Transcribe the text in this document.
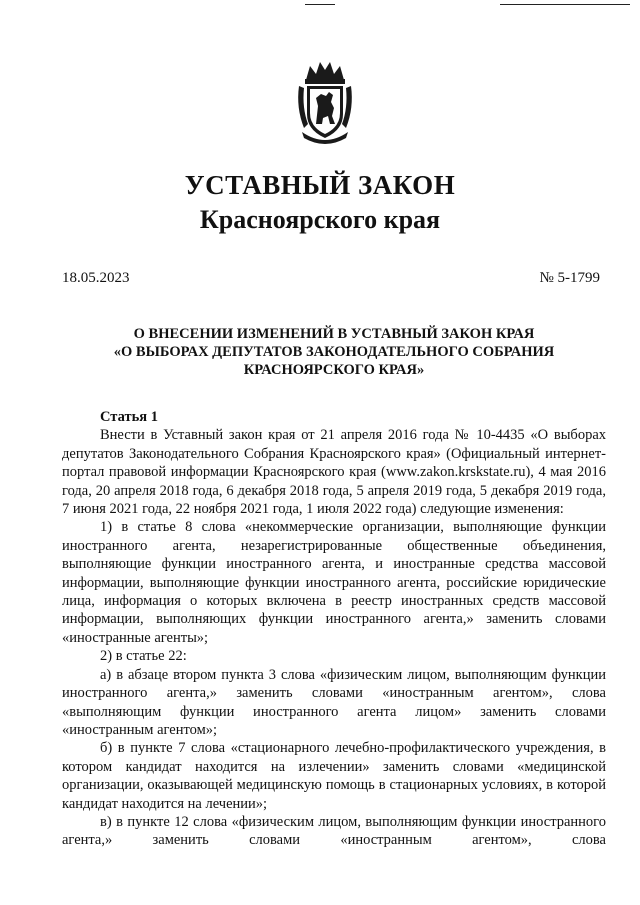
УСТАВНЫЙ ЗАКОН
Красноярского края
18.05.2023	№ 5-1799
О ВНЕСЕНИИ ИЗМЕНЕНИЙ В УСТАВНЫЙ ЗАКОН КРАЯ
«О ВЫБОРАХ ДЕПУТАТОВ ЗАКОНОДАТЕЛЬНОГО СОБРАНИЯ
КРАСНОЯРСКОГО КРАЯ»

Статья 1

Внести в Уставный закон края от 21 апреля 2016 года № 10-4435 «О выборах депутатов Законодательного Собрания Красноярского края» (Официальный интернет-портал правовой информации Красноярского края (www.zakon.krskstate.ru), 4 мая 2016 года, 20 апреля 2018 года, 6 декабря 2018 года, 5 апреля 2019 года, 5 декабря 2019 года, 7 июня 2021 года, 22 ноября 2021 года, 1 июля 2022 года) следующие изменения:

1) в статье 8 слова «некоммерческие организации, выполняющие функции иностранного агента, незарегистрированные общественные объединения, выполняющие функции иностранного агента, и иностранные средства массовой информации, выполняющие функции иностранного агента, российские юридические лица, информация о которых включена в реестр иностранных средств массовой информации, выполняющих функции иностранного агента,» заменить словами «иностранные агенты»;

2) в статье 22:

а) в абзаце втором пункта 3 слова «физическим лицом, выполняющим функции иностранного агента,» заменить словами «иностранным агентом», слова «выполняющим функции иностранного агента лицом» заменить словами «иностранным агентом»;

б) в пункте 7 слова «стационарного лечебно-профилактического учреждения, в котором кандидат находится на излечении» заменить словами «медицинской организации, оказывающей медицинскую помощь в стационарных условиях, в которой кандидат находится на лечении»;

в) в пункте 12 слова «физическим лицом, выполняющим функции иностранного агента,» заменить словами «иностранным агентом», слова
